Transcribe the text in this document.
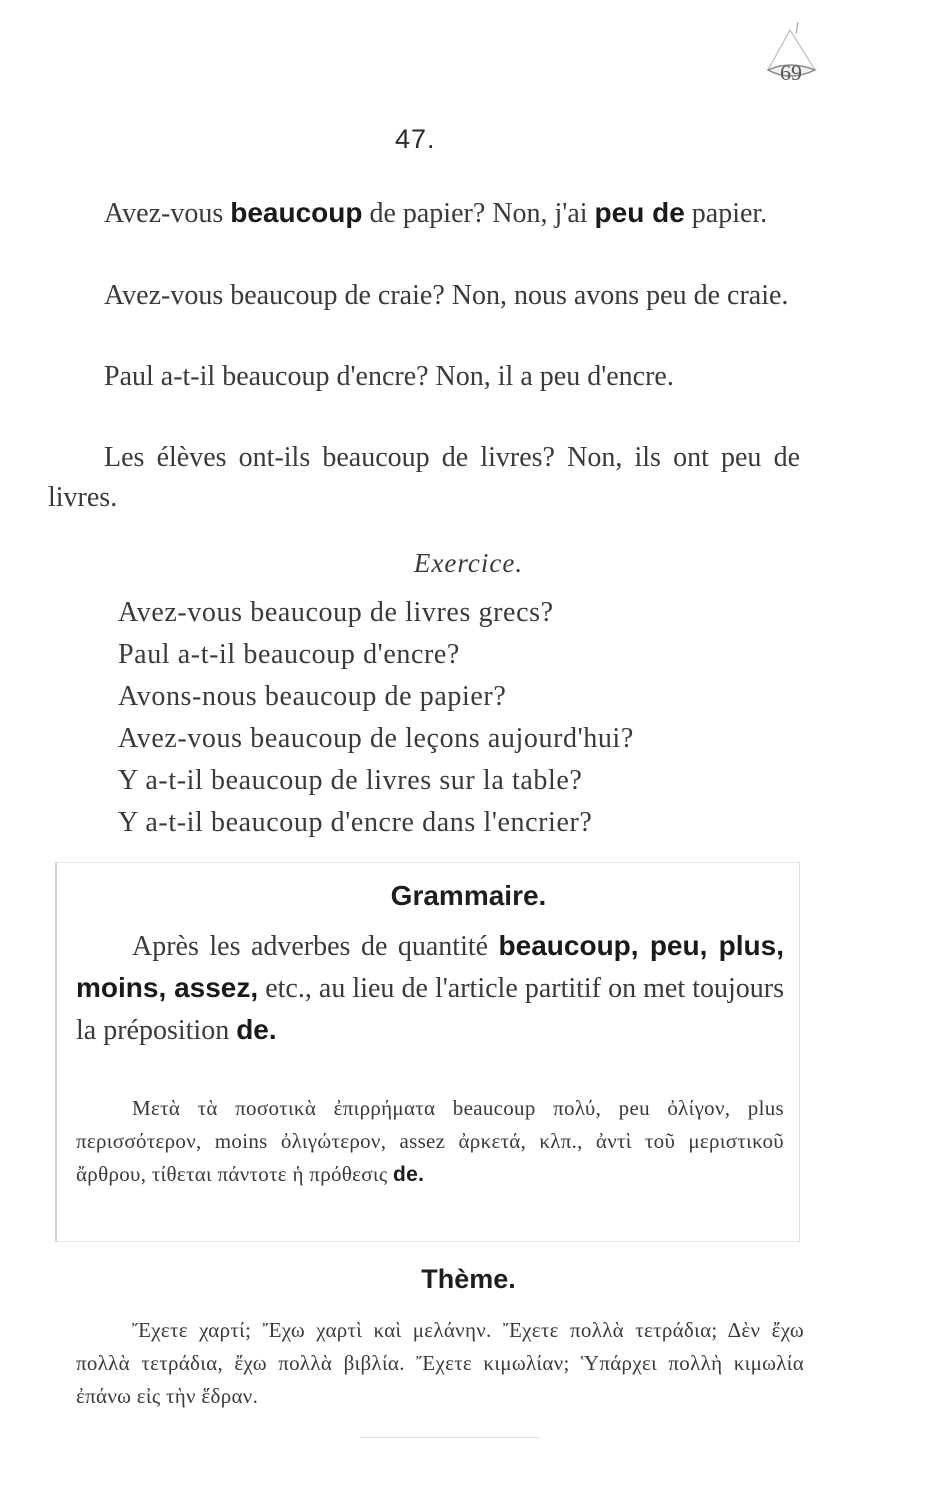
69
47.
Avez-vous beaucoup de papier? Non, j'ai peu de papier.
Avez-vous beaucoup de craie? Non, nous avons peu de craie.
Paul a-t-il beaucoup d'encre? Non, il a peu d'encre.
Les élèves ont-ils beaucoup de livres? Non, ils ont peu de livres.
Exercice.
Avez-vous beaucoup de livres grecs?
Paul a-t-il beaucoup d'encre?
Avons-nous beaucoup de papier?
Avez-vous beaucoup de leçons aujourd'hui?
Y a-t-il beaucoup de livres sur la table?
Y a-t-il beaucoup d'encre dans l'encrier?
Grammaire.
Après les adverbes de quantité beaucoup, peu, plus, moins, assez, etc., au lieu de l'article partitif on met toujours la préposition de.
Μετὰ τὰ ποσοτικὰ ἐπιρρήματα beaucoup πολύ, peu ὀλίγον, plus περισσότερον, moins ὀλιγώτερον, assez ἀρκετά, κλπ., ἀντὶ τοῦ μεριστικοῦ ἄρθρου, τίθεται πάντοτε ἡ πρόθεσις de.
Thème.
Ἔχετε χαρτί; Ἔχω χαρτὶ καὶ μελάνην. Ἔχετε πολλὰ τετράδια; Δὲν ἔχω πολλὰ τετράδια, ἔχω πολλὰ βιβλία. Ἔχετε κιμωλίαν; Ὑπάρχει πολλὴ κιμωλία ἐπάνω εἰς τὴν ἕδραν.
